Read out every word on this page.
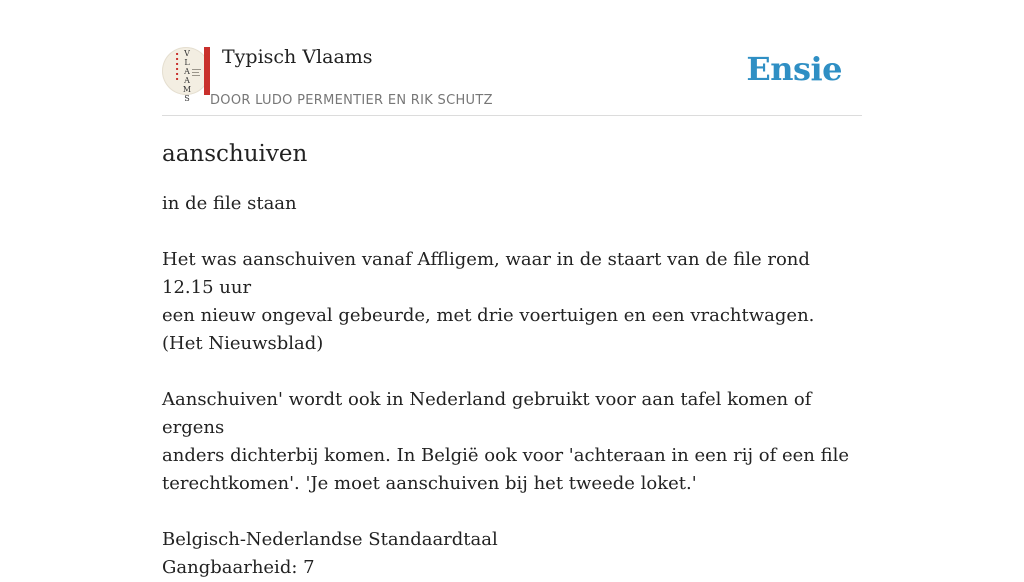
▪
▪
▪
▪
▪
▪
V
L
A
A
M
S
Typisch Vlaams
DOOR LUDO PERMENTIER EN RIK SCHUTZ
Ensie
aanschuiven

in de file staan

Het was aanschuiven vanaf Affligem, waar in de staart van de file rond 12.15 uur

een nieuw ongeval gebeurde, met drie voertuigen en een vrachtwagen.

(Het Nieuwsblad)

Aanschuiven' wordt ook in Nederland gebruikt voor aan tafel komen of ergens

anders dichterbij komen. In België ook voor 'achteraan in een rij of een file

terechtkomen'. 'Je moet aanschuiven bij het tweede loket.'

Belgisch-Nederlandse Standaardtaal

Gangbaarheid: 7
